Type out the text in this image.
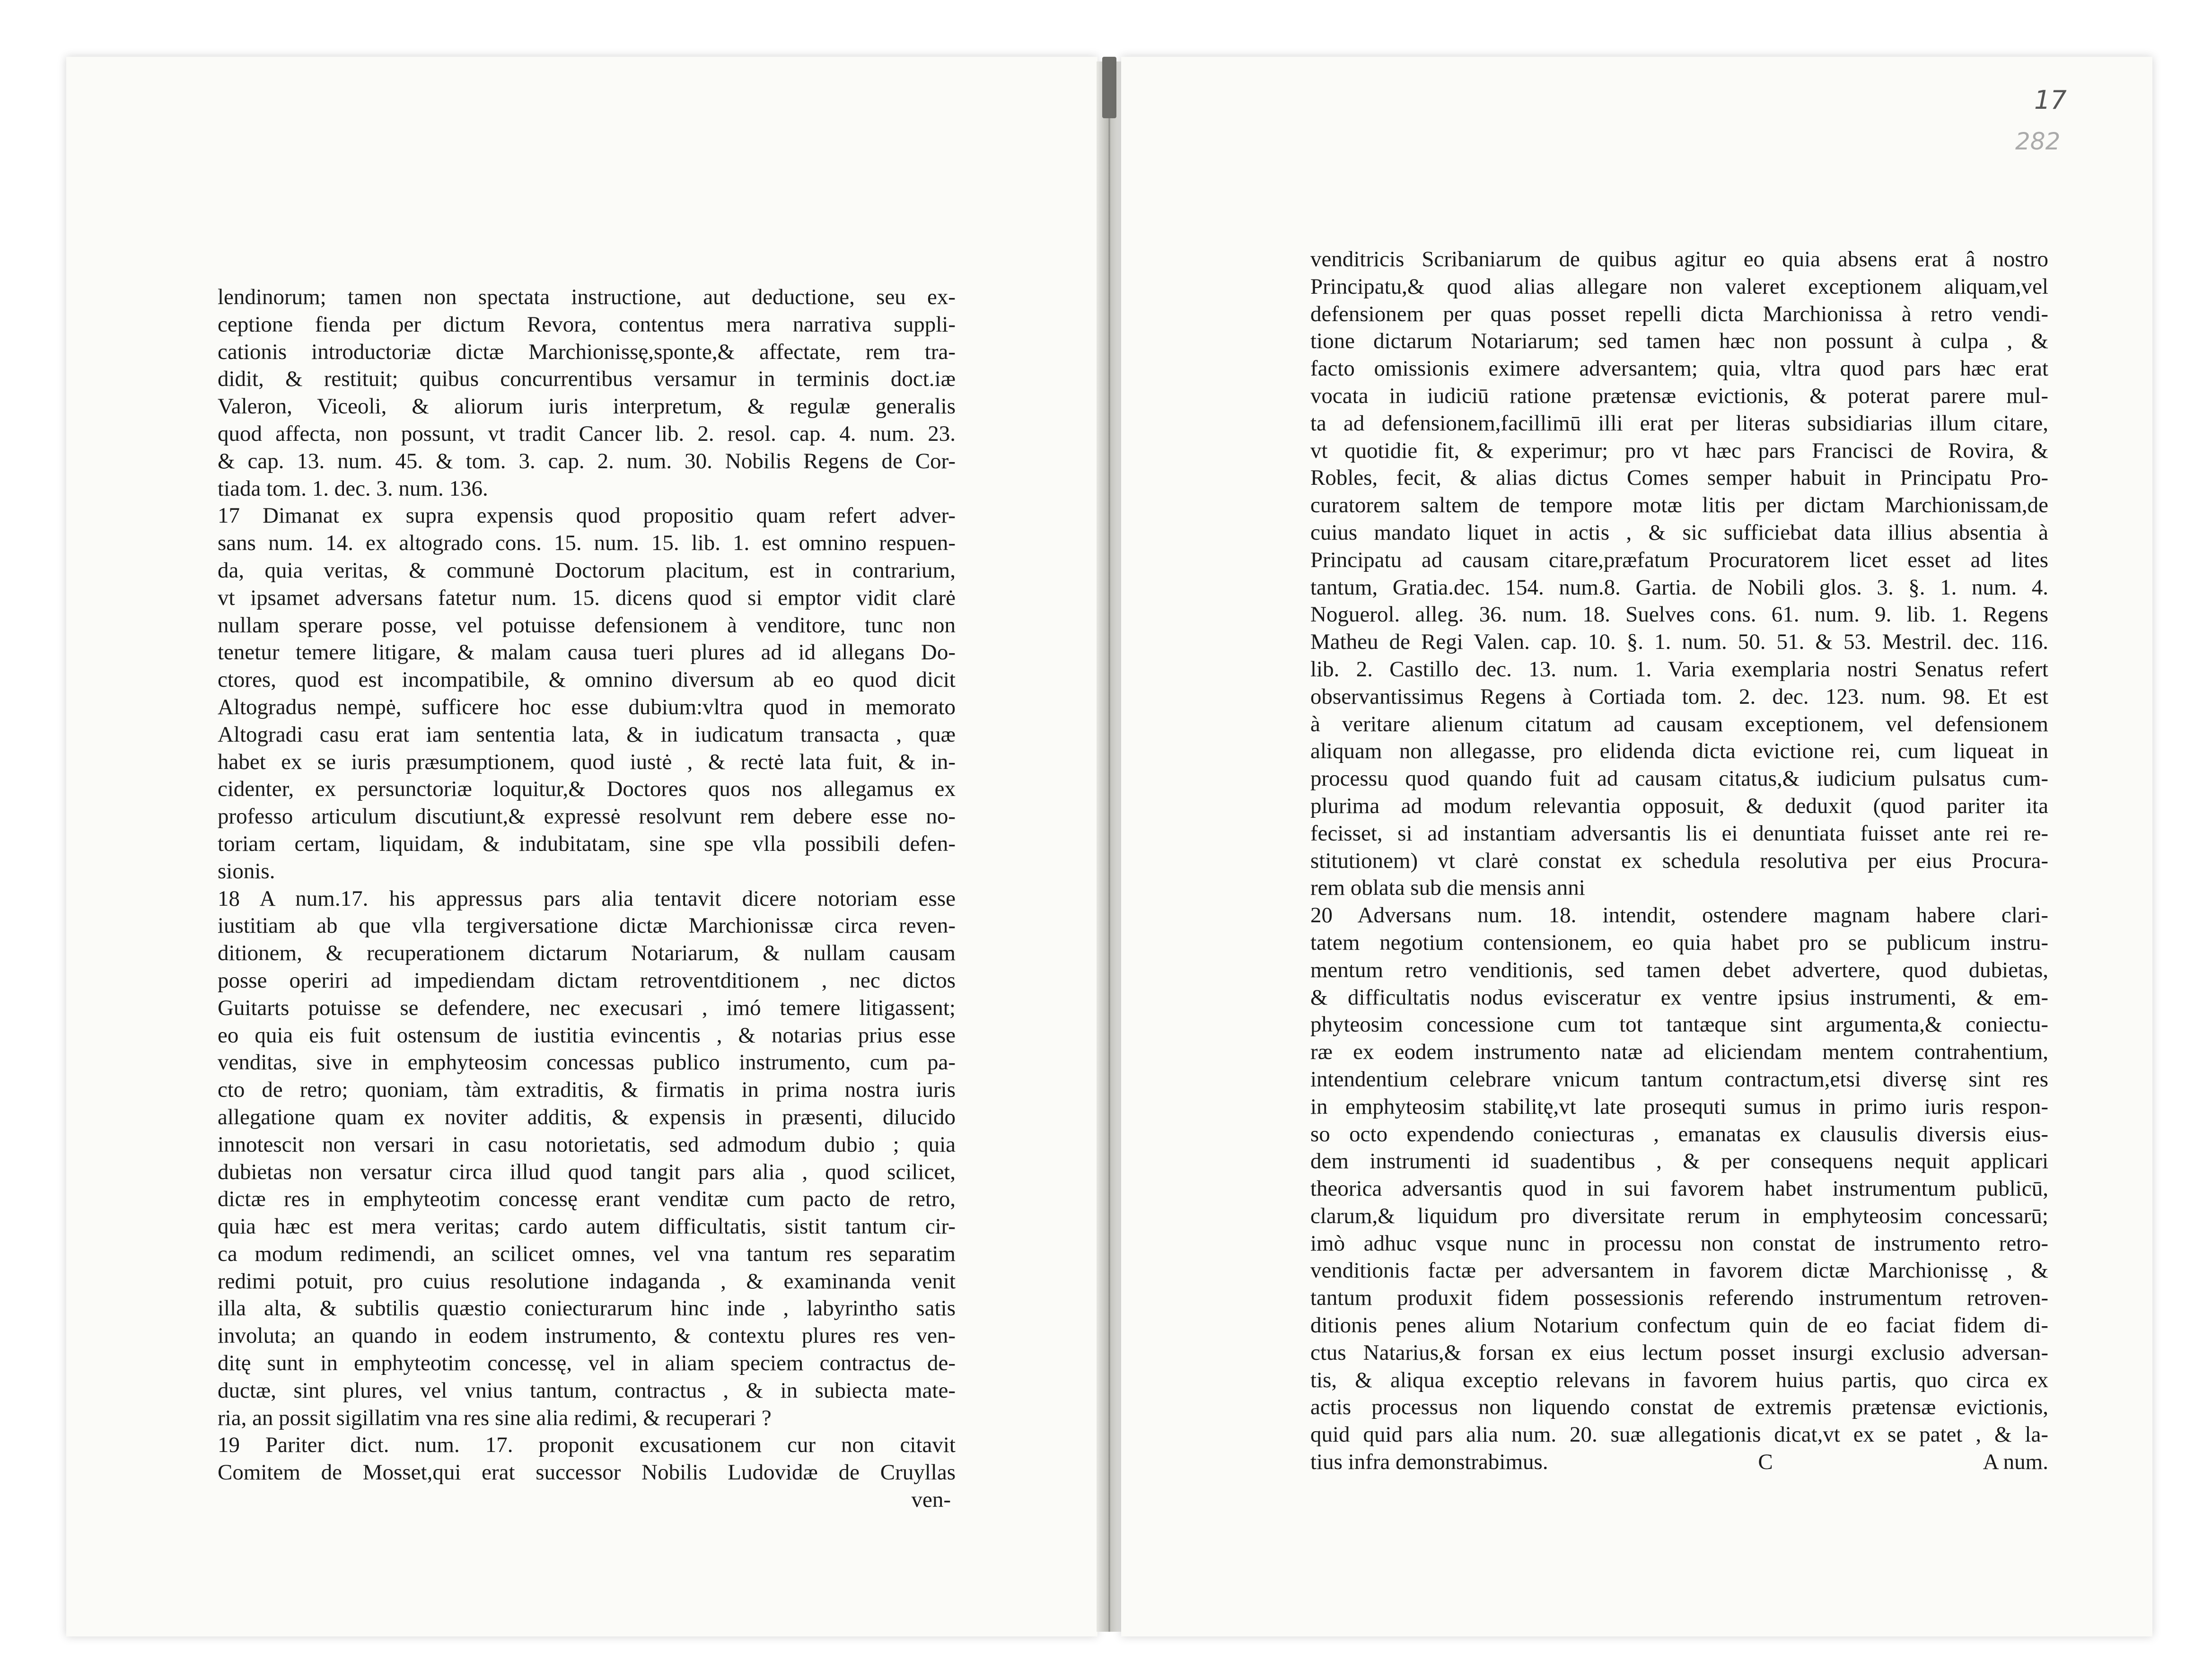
lendinorum; tamen non spectata instructione, aut deductione, seu ex-

ceptione fienda per dictum Revora, contentus mera narrativa suppli-

cationis introductoriæ dictæ Marchionissę,sponte,& affectate, rem tra-

didit, & restituit; quibus concurrentibus versamur in terminis doct.iæ

Valeron, Viceoli, & aliorum iuris interpretum, & regulæ generalis

quod affecta, non possunt, vt tradit Cancer lib. 2. resol. cap. 4. num. 23.

& cap. 13. num. 45. & tom. 3. cap. 2. num. 30. Nobilis Regens de Cor-

tiada tom. 1. dec. 3. num. 136.

17 Dimanat ex supra expensis quod propositio quam refert adver-

sans num. 14. ex altogrado cons. 15. num. 15. lib. 1. est omnino respuen-

da, quia veritas, & communė Doctorum placitum, est in contrarium,

vt ipsamet adversans fatetur num. 15. dicens quod si emptor vidit clarė

nullam sperare posse, vel potuisse defensionem à venditore, tunc non

tenetur temere litigare, & malam causa tueri plures ad id allegans Do-

ctores, quod est incompatibile, & omnino diversum ab eo quod dicit

Altogradus nempė, sufficere hoc esse dubium:vltra quod in memorato

Altogradi casu erat iam sententia lata, & in iudicatum transacta , quæ

habet ex se iuris præsumptionem, quod iustė , & rectė lata fuit, & in-

cidenter, ex persunctoriæ loquitur,& Doctores quos nos allegamus ex

professo articulum discutiunt,& expressė resolvunt rem debere esse no-

toriam certam, liquidam, & indubitatam, sine spe vlla possibili defen-

sionis.

18 A num.17. his appressus pars alia tentavit dicere notoriam esse

iustitiam ab que vlla tergiversatione dictæ Marchionissæ circa reven-

ditionem, & recuperationem dictarum Notariarum, & nullam causam

posse operiri ad impediendam dictam retroventditionem , nec dictos

Guitarts potuisse se defendere, nec execusari , imó temere litigassent;

eo quia eis fuit ostensum de iustitia evincentis , & notarias prius esse

venditas, sive in emphyteosim concessas publico instrumento, cum pa-

cto de retro; quoniam, tàm extraditis, & firmatis in prima nostra iuris

allegatione quam ex noviter additis, & expensis in præsenti, dilucido

innotescit non versari in casu notorietatis, sed admodum dubio ; quia

dubietas non versatur circa illud quod tangit pars alia , quod scilicet,

dictæ res in emphyteotim concessę erant venditæ cum pacto de retro,

quia hæc est mera veritas; cardo autem difficultatis, sistit tantum cir-

ca modum redimendi, an scilicet omnes, vel vna tantum res separatim

redimi potuit, pro cuius resolutione indaganda , & examinanda venit

illa alta, & subtilis quæstio coniecturarum hinc inde , labyrintho satis

involuta; an quando in eodem instrumento, & contextu plures res ven-

ditę sunt in emphyteotim concessę, vel in aliam speciem contractus de-

ductæ, sint plures, vel vnius tantum, contractus , & in subiecta mate-

ria, an possit sigillatim vna res sine alia redimi, & recuperari ?

19 Pariter dict. num. 17. proponit excusationem cur non citavit

Comitem de Mosset,qui erat successor Nobilis Ludovidæ de Cruyllas

ven-

17
282

venditricis Scribaniarum de quibus agitur eo quia absens erat â nostro

Principatu,& quod alias allegare non valeret exceptionem aliquam,vel

defensionem per quas posset repelli dicta Marchionissa à retro vendi-

tione dictarum Notariarum; sed tamen hæc non possunt à culpa , &

facto omissionis eximere adversantem; quia, vltra quod pars hæc erat

vocata in iudiciū ratione prætensæ evictionis, & poterat parere mul-

ta ad defensionem,facillimū illi erat per literas subsidiarias illum citare,

vt quotidie fit, & experimur; pro vt hæc pars Francisci de Rovira, &

Robles, fecit, & alias dictus Comes semper habuit in Principatu Pro-

curatorem saltem de tempore motæ litis per dictam Marchionissam,de

cuius mandato liquet in actis , & sic sufficiebat data illius absentia à

Principatu ad causam citare,præfatum Procuratorem licet esset ad lites

tantum, Gratia.dec. 154. num.8. Gartia. de Nobili glos. 3. §. 1. num. 4.

Noguerol. alleg. 36. num. 18. Suelves cons. 61. num. 9. lib. 1. Regens

Matheu de Regi Valen. cap. 10. §. 1. num. 50. 51. & 53. Mestril. dec. 116.

lib. 2. Castillo dec. 13. num. 1. Varia exemplaria nostri Senatus refert

observantissimus Regens à Cortiada tom. 2. dec. 123. num. 98. Et est

à veritare alienum citatum ad causam exceptionem, vel defensionem

aliquam non allegasse, pro elidenda dicta evictione rei, cum liqueat in

processu quod quando fuit ad causam citatus,& iudicium pulsatus cum-

plurima ad modum relevantia opposuit, & deduxit (quod pariter ita

fecisset, si ad instantiam adversantis lis ei denuntiata fuisset ante rei re-

stitutionem) vt clarė constat ex schedula resolutiva per eius Procura-

rem oblata sub die mensis anni

20 Adversans num. 18. intendit, ostendere magnam habere clari-

tatem negotium contensionem, eo quia habet pro se publicum instru-

mentum retro venditionis, sed tamen debet advertere, quod dubietas,

& difficultatis nodus evisceratur ex ventre ipsius instrumenti, & em-

phyteosim concessione cum tot tantæque sint argumenta,& coniectu-

ræ ex eodem instrumento natæ ad eliciendam mentem contrahentium,

intendentium celebrare vnicum tantum contractum,etsi diversę sint res

in emphyteosim stabilitę,vt late prosequti sumus in primo iuris respon-

so octo expendendo coniecturas , emanatas ex clausulis diversis eius-

dem instrumenti id suadentibus , & per consequens nequit applicari

theorica adversantis quod in sui favorem habet instrumentum publicū,

clarum,& liquidum pro diversitate rerum in emphyteosim concessarū;

imò adhuc vsque nunc in processu non constat de instrumento retro-

venditionis factæ per adversantem in favorem dictæ Marchionissę , &

tantum produxit fidem possessionis referendo instrumentum retroven-

ditionis penes alium Notarium confectum quin de eo faciat fidem di-

ctus Natarius,& forsan ex eius lectum posset insurgi exclusio adversan-

tis, & aliqua exceptio relevans in favorem huius partis, quo circa ex

actis processus non liquendo constat de extremis prætensæ evictionis,

quid quid pars alia num. 20. suæ allegationis dicat,vt ex se patet , & la-

tius infra demonstrabimus.	C	A num.
